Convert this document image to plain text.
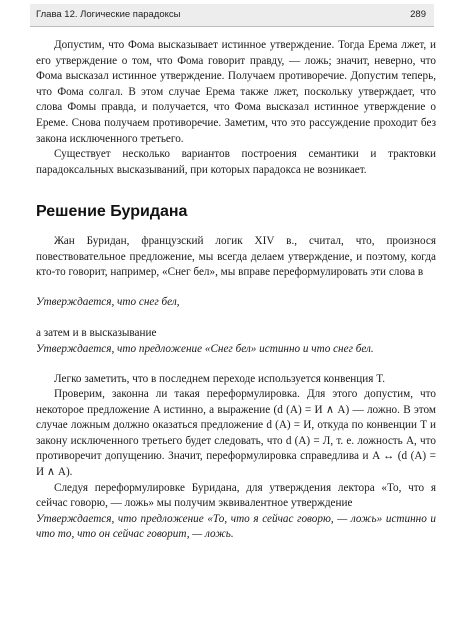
Глава 12. Логические парадоксы	289

Допустим, что Фома высказывает истинное утверждение. Тогда Ерема лжет, и его утверждение о том, что Фома говорит правду, — ложь; значит, неверно, что Фома высказал истинное утверждение. Получаем противоречие. Допустим теперь, что Фома солгал. В этом случае Ерема также лжет, поскольку утверждает, что слова Фомы правда, и получается, что Фома высказал истинное утверждение о Ереме. Снова получаем противоречие. Заметим, что это рассуждение проходит без закона исключенного третьего.

Существует несколько вариантов построения семантики и трактовки парадоксальных высказываний, при которых парадокса не возникает.

Решение Буридана

Жан Буридан, французский логик XIV в., считал, что, произнося повествовательное предложение, мы всегда делаем утверждение, и поэтому, когда кто-то говорит, например, «Снег бел», мы вправе переформулировать эти слова в

Утверждается, что снег бел,

а затем и в высказывание

Утверждается, что предложение «Снег бел» истинно и что снег бел.

Легко заметить, что в последнем переходе используется конвенция T.

Проверим, законна ли такая переформулировка. Для этого допустим, что некоторое предложение A истинно, а выражение (d (A) = И ∧ A) — ложно. В этом случае ложным должно оказаться предложение d (A) = И, откуда по конвенции T и закону исключенного третьего будет следовать, что d (A) = Л, т. е. ложность A, что противоречит допущению. Значит, переформулировка справедлива и A ↔ (d (A) = И ∧ A).

Следуя переформулировке Буридана, для утверждения лектора «То, что я сейчас говорю, — ложь» мы получим эквивалентное утверждение

Утверждается, что предложение «То, что я сейчас говорю, — ложь» истинно и что то, что он сейчас говорит, — ложь.
